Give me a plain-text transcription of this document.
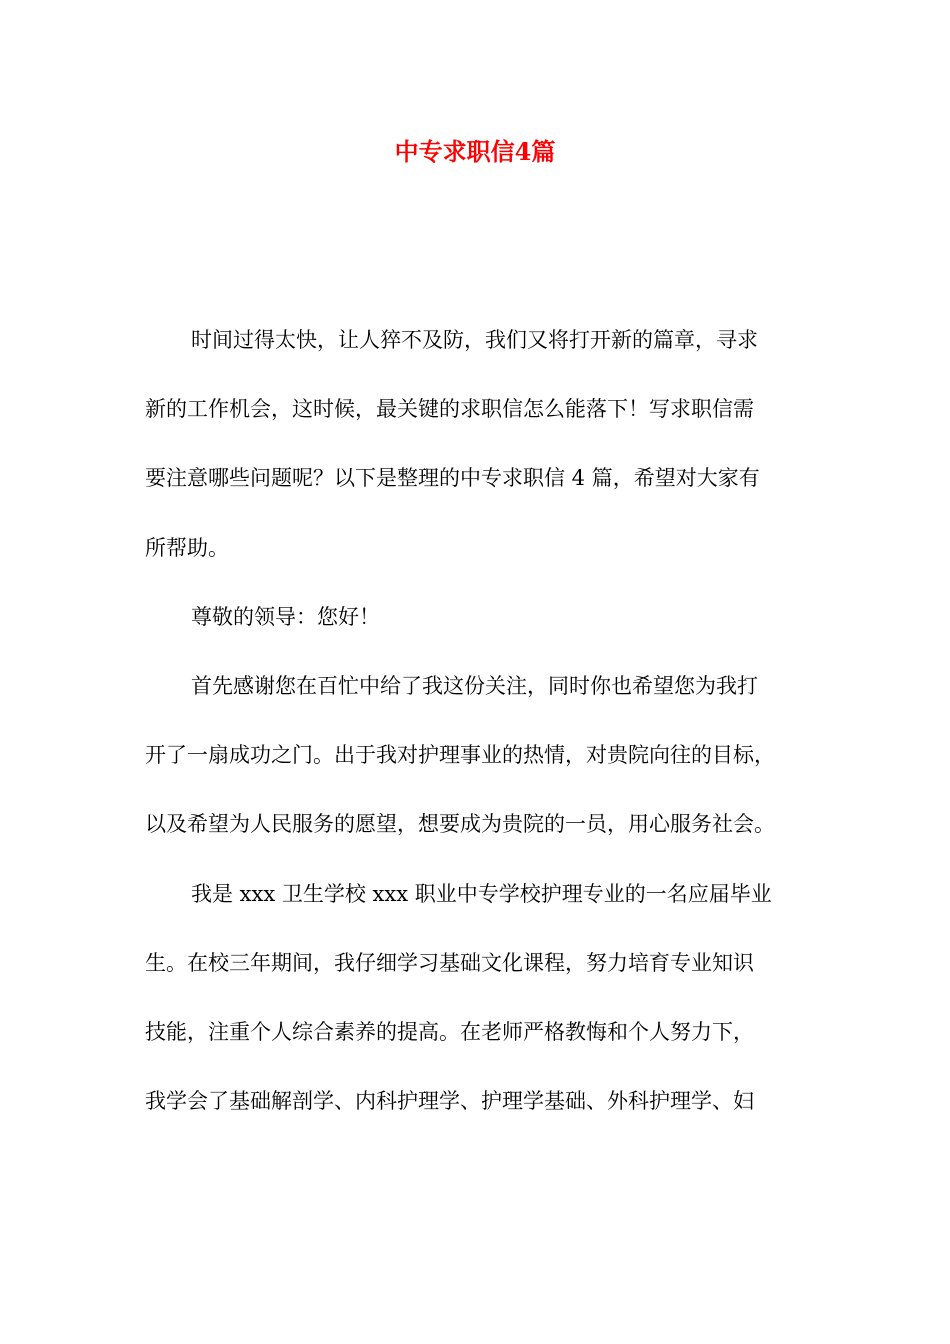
中专求职信4篇
时间过得太快，让人猝不及防，我们又将打开新的篇章，寻求
新的工作机会，这时候，最关键的求职信怎么能落下！写求职信需
要注意哪些问题呢？以下是整理的中专求职信 4 篇，希望对大家有
所帮助。
尊敬的领导：您好！
首先感谢您在百忙中给了我这份关注，同时你也希望您为我打
开了一扇成功之门。出于我对护理事业的热情，对贵院向往的目标，
以及希望为人民服务的愿望，想要成为贵院的一员，用心服务社会。
我是 xxx 卫生学校 xxx 职业中专学校护理专业的一名应届毕业
生。在校三年期间，我仔细学习基础文化课程，努力培育专业知识
技能，注重个人综合素养的提高。在老师严格教悔和个人努力下，
我学会了基础解剖学、内科护理学、护理学基础、外科护理学、妇
